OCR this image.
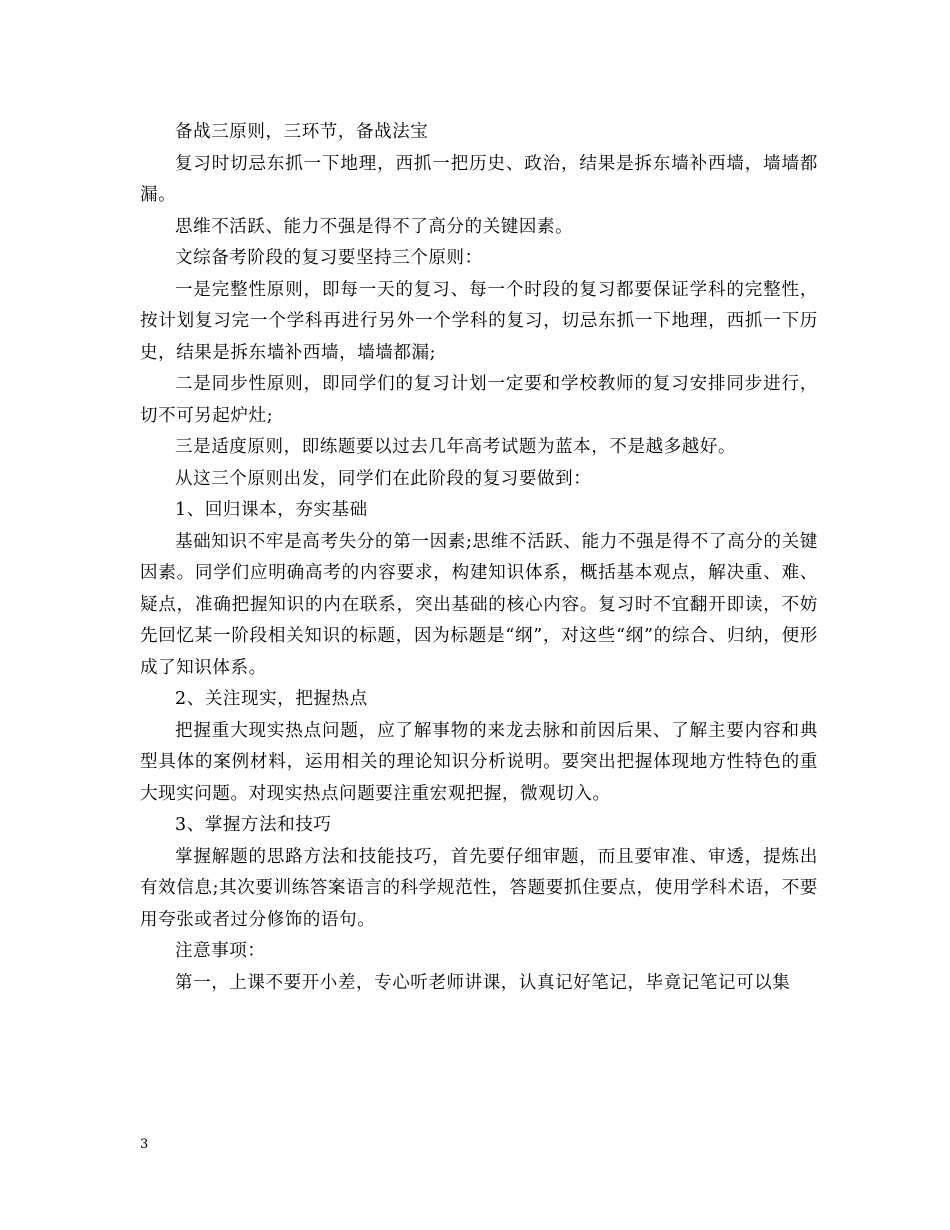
备战三原则，三环节，备战法宝

复习时切忌东抓一下地理，西抓一把历史、政治，结果是拆东墙补西墙，墙墙都漏。

思维不活跃、能力不强是得不了高分的关键因素。

文综备考阶段的复习要坚持三个原则：

一是完整性原则，即每一天的复习、每一个时段的复习都要保证学科的完整性，按计划复习完一个学科再进行另外一个学科的复习，切忌东抓一下地理，西抓一下历史，结果是拆东墙补西墙，墙墙都漏;

二是同步性原则，即同学们的复习计划一定要和学校教师的复习安排同步进行，切不可另起炉灶;

三是适度原则，即练题要以过去几年高考试题为蓝本，不是越多越好。

从这三个原则出发，同学们在此阶段的复习要做到：

1、回归课本，夯实基础

基础知识不牢是高考失分的第一因素;思维不活跃、能力不强是得不了高分的关键因素。同学们应明确高考的内容要求，构建知识体系，概括基本观点，解决重、难、疑点，准确把握知识的内在联系，突出基础的核心内容。复习时不宜翻开即读，不妨先回忆某一阶段相关知识的标题，因为标题是“纲”，对这些“纲”的综合、归纳，便形成了知识体系。

2、关注现实，把握热点

把握重大现实热点问题，应了解事物的来龙去脉和前因后果、了解主要内容和典型具体的案例材料，运用相关的理论知识分析说明。要突出把握体现地方性特色的重大现实问题。对现实热点问题要注重宏观把握，微观切入。

3、掌握方法和技巧

掌握解题的思路方法和技能技巧，首先要仔细审题，而且要审准、审透，提炼出有效信息;其次要训练答案语言的科学规范性，答题要抓住要点，使用学科术语，不要用夸张或者过分修饰的语句。

注意事项：

第一，上课不要开小差，专心听老师讲课，认真记好笔记，毕竟记笔记可以集

3
